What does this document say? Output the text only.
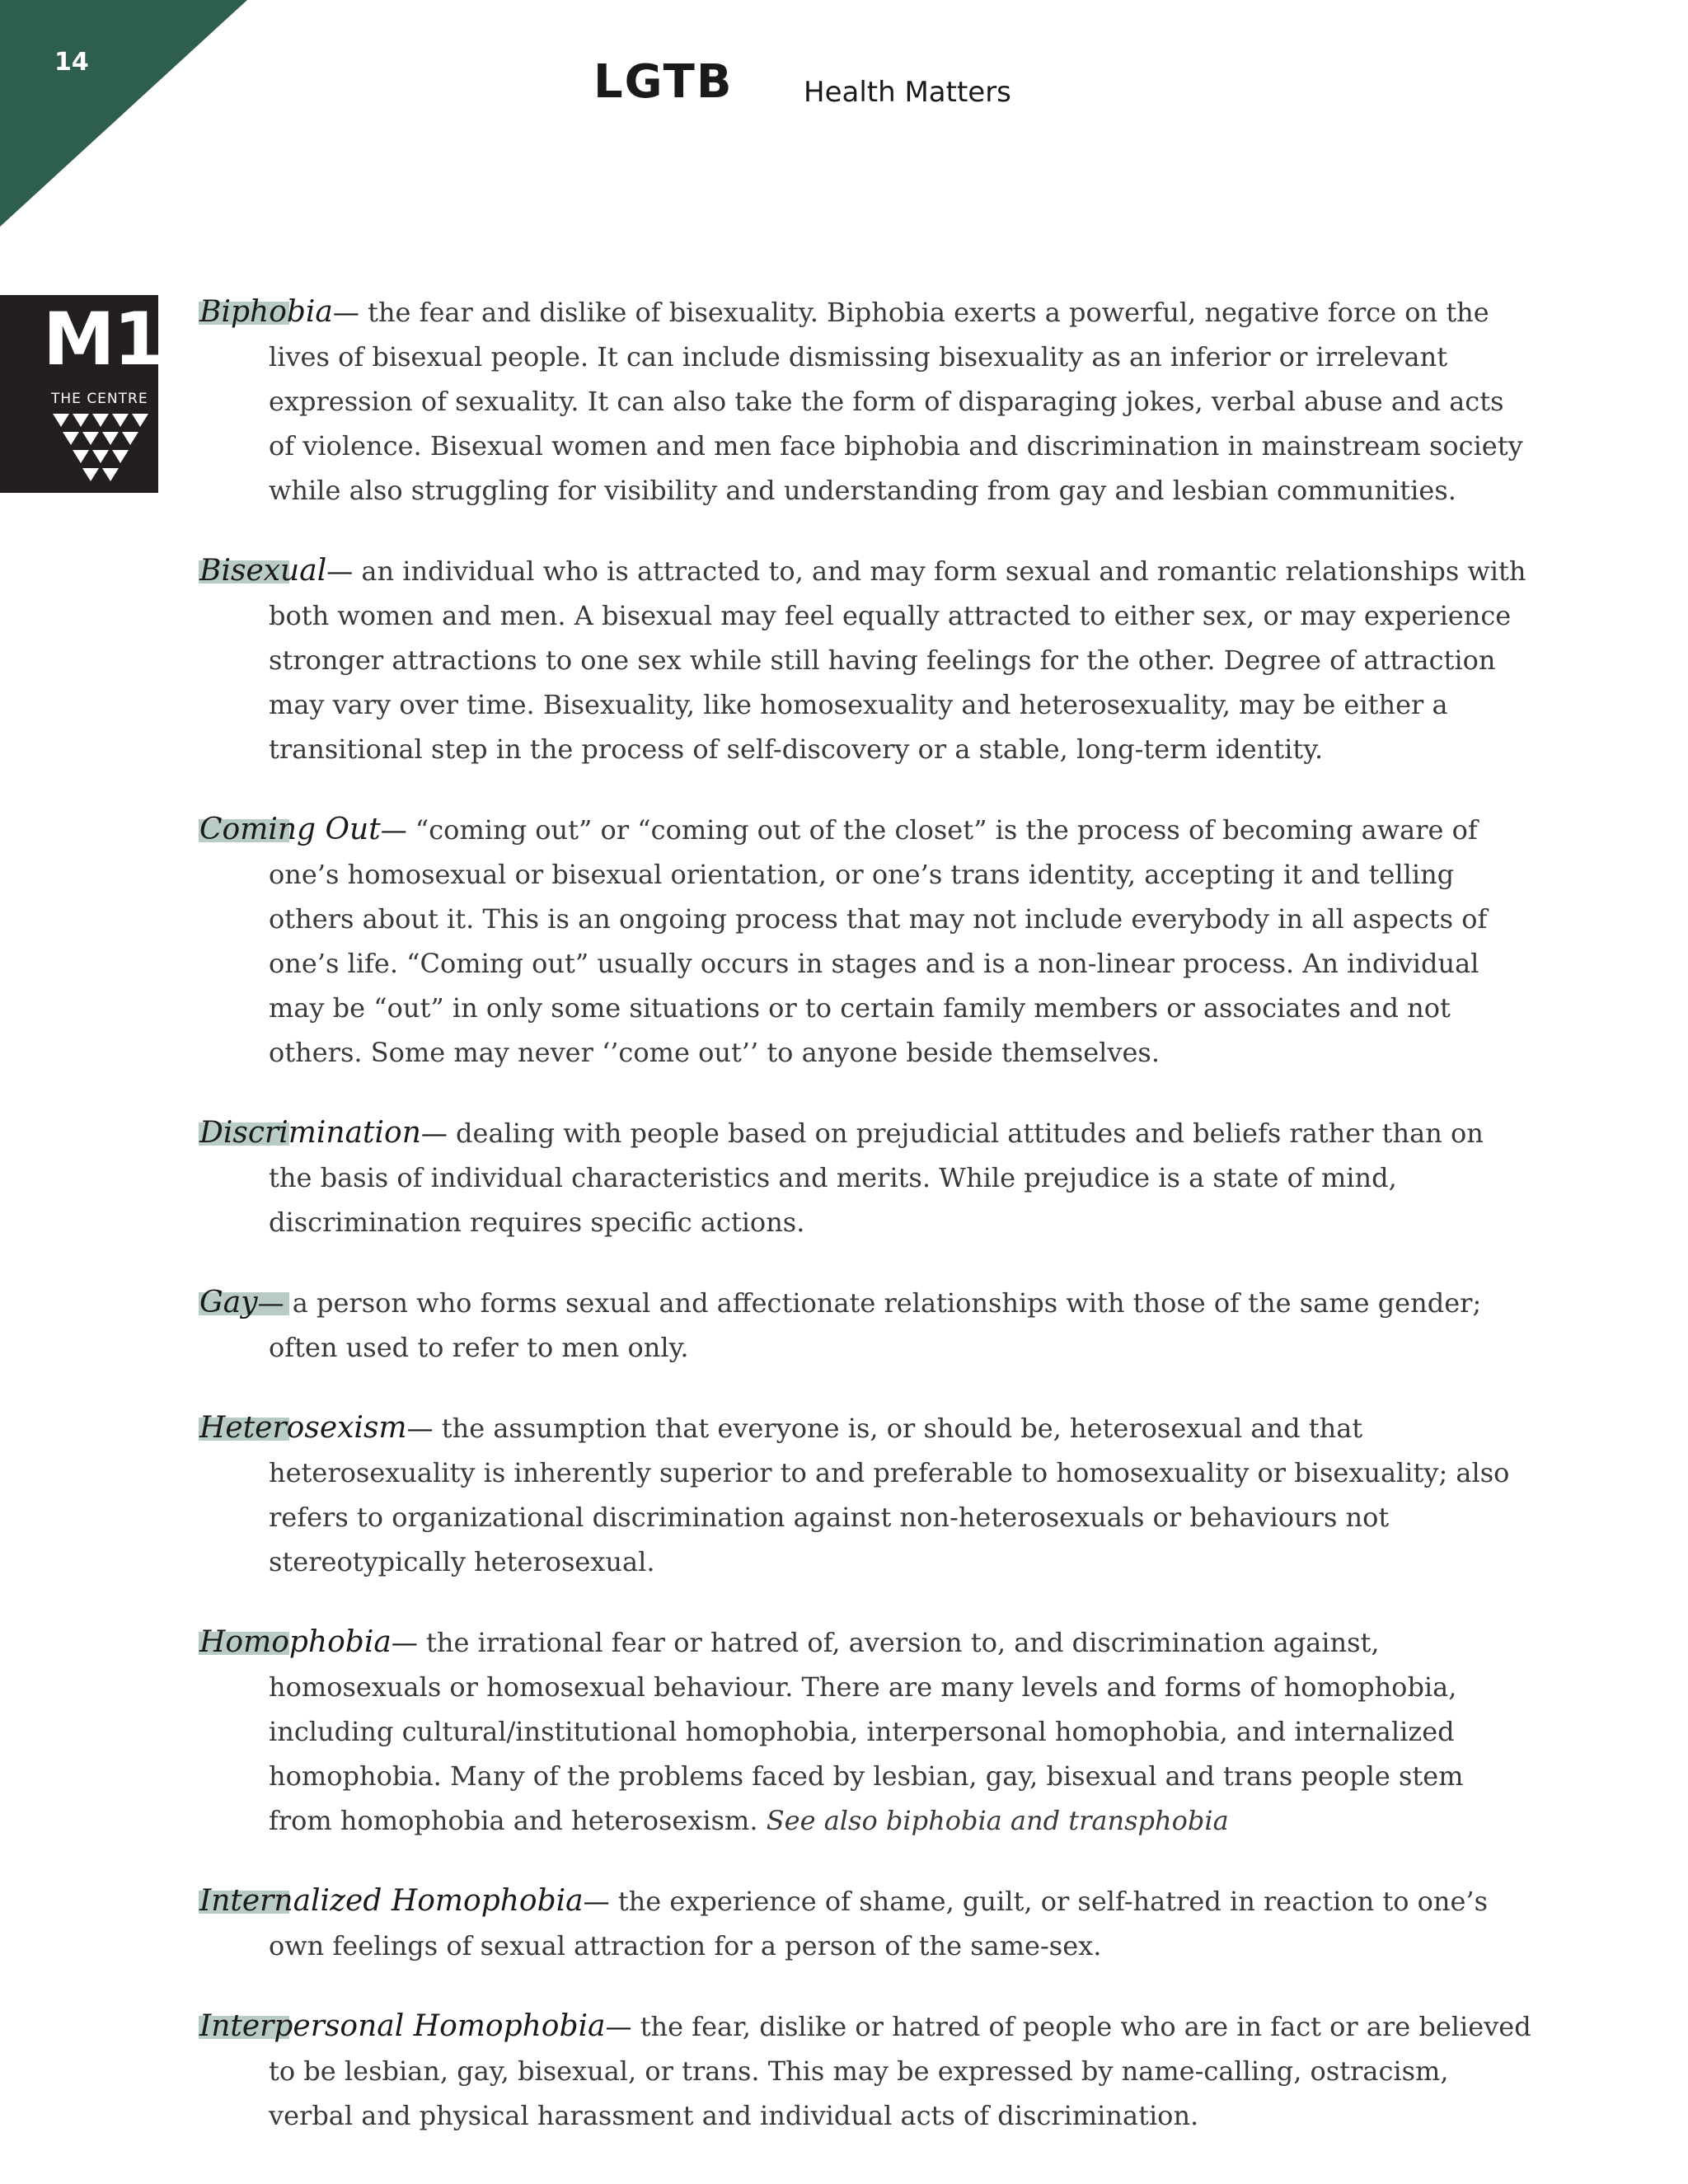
14	LGTB	Health Matters
M1
THE CENTRE

Biphobia— the fear and dislike of bisexuality. Biphobia exerts a powerful, negative force on the lives of bisexual people. It can include dismissing bisexuality as an inferior or irrelevant expression of sexuality. It can also take the form of disparaging jokes, verbal abuse and acts of violence. Bisexual women and men face biphobia and discrimination in mainstream society while also struggling for visibility and understanding from gay and lesbian communities.

Bisexual— an individual who is attracted to, and may form sexual and romantic relationships with both women and men. A bisexual may feel equally attracted to either sex, or may experience stronger attractions to one sex while still having feelings for the other. Degree of attraction may vary over time. Bisexuality, like homosexuality and heterosexuality, may be either a transitional step in the process of self-discovery or a stable, long-term identity.

Coming Out— “coming out” or “coming out of the closet” is the process of becoming aware of one’s homosexual or bisexual orientation, or one’s trans identity, accepting it and telling others about it. This is an ongoing process that may not include everybody in all aspects of one’s life. “Coming out” usually occurs in stages and is a non-linear process. An individual may be “out” in only some situations or to certain family members or associates and not others. Some may never ‘’come out’’ to anyone beside themselves.

Discrimination— dealing with people based on prejudicial attitudes and beliefs rather than on the basis of individual characteristics and merits. While prejudice is a state of mind, discrimination requires specific actions.

Gay— a person who forms sexual and affectionate relationships with those of the same gender; often used to refer to men only.

Heterosexism— the assumption that everyone is, or should be, heterosexual and that heterosexuality is inherently superior to and preferable to homosexuality or bisexuality; also refers to organizational discrimination against non-heterosexuals or behaviours not stereotypically heterosexual.

Homophobia— the irrational fear or hatred of, aversion to, and discrimination against, homosexuals or homosexual behaviour. There are many levels and forms of homophobia, including cultural/institutional homophobia, interpersonal homophobia, and internalized homophobia. Many of the problems faced by lesbian, gay, bisexual and trans people stem from homophobia and heterosexism. See also biphobia and transphobia

Internalized Homophobia— the experience of shame, guilt, or self-hatred in reaction to one’s own feelings of sexual attraction for a person of the same-sex.

Interpersonal Homophobia— the fear, dislike or hatred of people who are in fact or are believed to be lesbian, gay, bisexual, or trans. This may be expressed by name-calling, ostracism, verbal and physical harassment and individual acts of discrimination.
